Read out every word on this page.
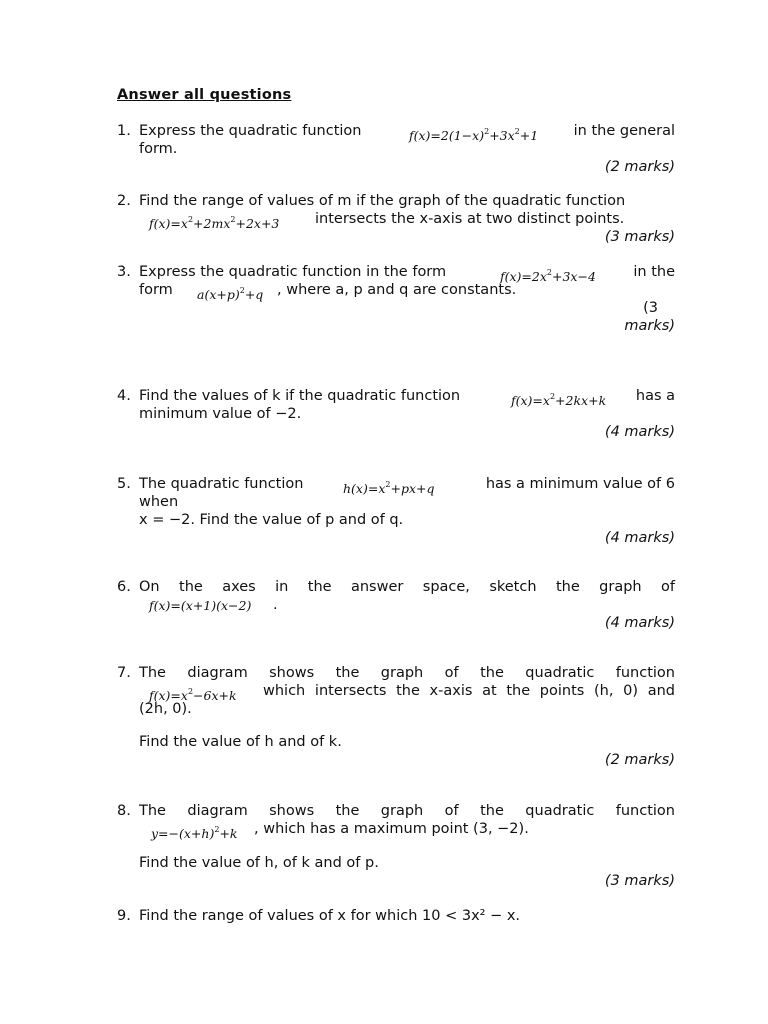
Answer all questions
1. Express the quadratic function	$f(x)=2(1-x)^2+3x^2+1$ in the general
form.
(2 marks)
2. Find the range of values of m if the graph of the quadratic function
$f(x)=x^2+2mx^2+2x+3$ intersects the x-axis at two distinct points.
(3 marks)
3. Express the quadratic function in the form	$f(x)=2x^2+3x-4$	in the
form	$a(x+p)^2+q$ , where a, p and q are constants.
(3
marks)
4. Find the values of k if the quadratic function	$f(x)=x^2+2kx+k$ has a
minimum value of −2.
(4 marks)
5. The quadratic function	$h(x)=x^2+px+q$	has a minimum value of 6
when
x = −2. Find the value of p and of q.
(4 marks)
6. On the axes in the answer space, sketch the graph of
f(x)=(x+1)(x−2) .
(4 marks)
7. The diagram shows the graph of the quadratic function
$f(x)=x^2-6x+k$ which intersects the x-axis at the points (h, 0) and
(2h, 0).
Find the value of h and of k.
(2 marks)
8. The diagram shows the graph of the quadratic function
$y=-(x+h)^2+k$ , which has a maximum point (3, −2).
Find the value of h, of k and of p.
(3 marks)
9. Find the range of values of x for which 10 < 3x² − x.
